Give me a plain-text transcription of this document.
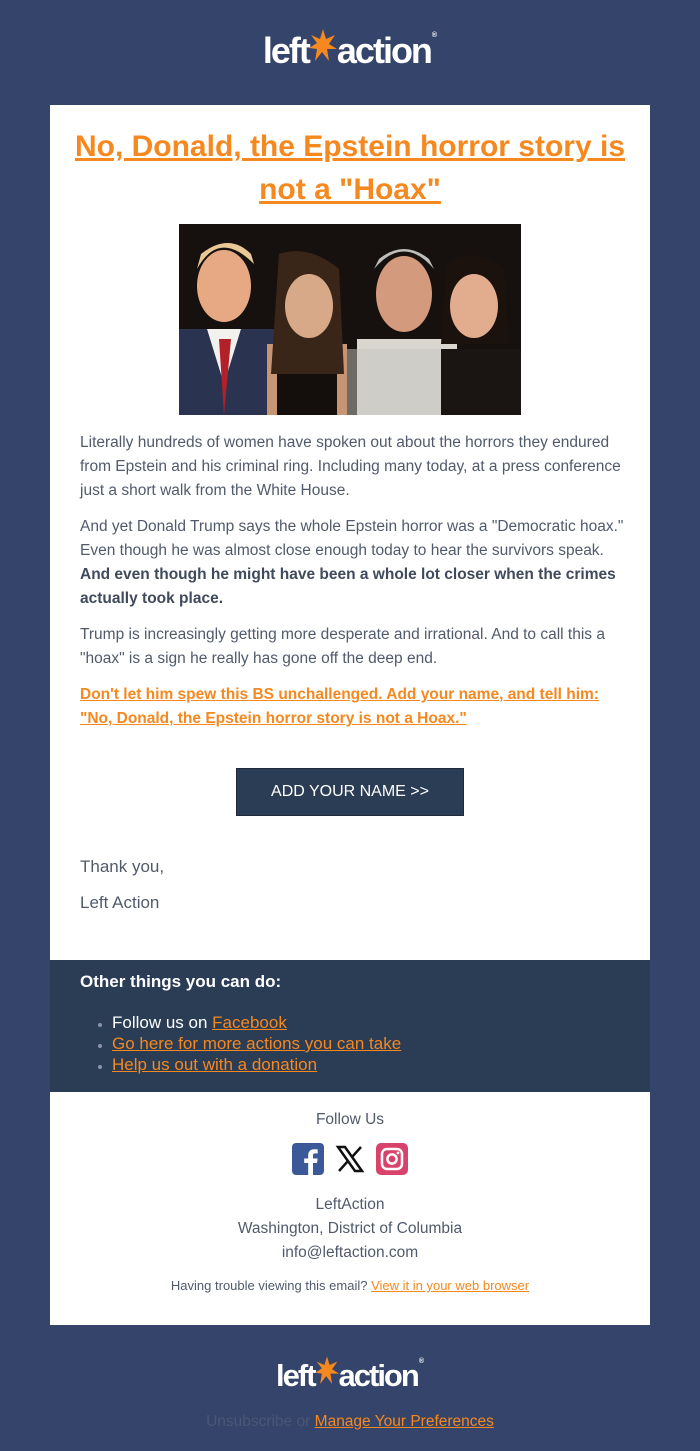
left action ®
No, Donald, the Epstein horror story is not a "Hoax"

Literally hundreds of women have spoken out about the horrors they endured from Epstein and his criminal ring. Including many today, at a press conference just a short walk from the White House.

And yet Donald Trump says the whole Epstein horror was a "Democratic hoax." Even though he was almost close enough today to hear the survivors speak. And even though he might have been a whole lot closer when the crimes actually took place.

Trump is increasingly getting more desperate and irrational. And to call this a "hoax" is a sign he really has gone off the deep end.

Don't let him spew this BS unchallenged. Add your name, and tell him: "No, Donald, the Epstein horror story is not a Hoax."

ADD YOUR NAME >>
Thank you,
Left Action
Other things you can do:
• Follow us on Facebook
• Go here for more actions you can take
• Help us out with a donation
Follow Us
LeftAction
Washington, District of Columbia
info@leftaction.com
Having trouble viewing this email? View it in your web browser
left action ®
Unsubscribe or Manage Your Preferences
